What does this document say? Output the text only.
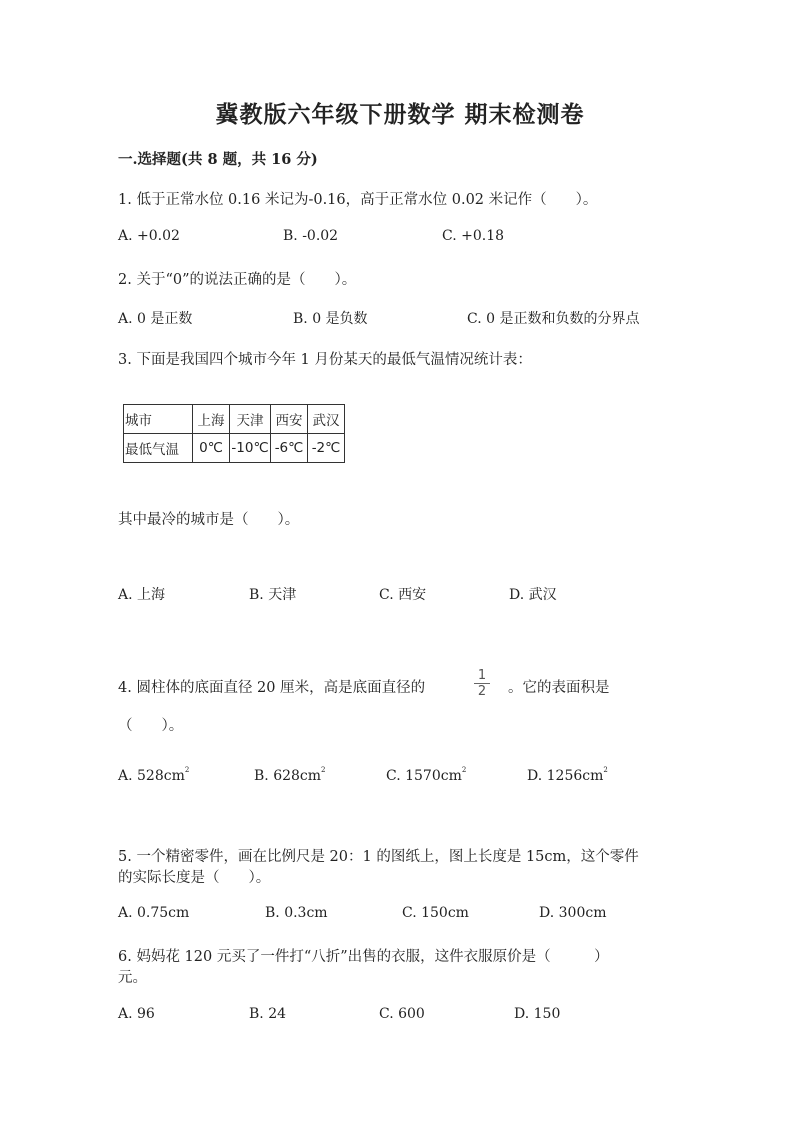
冀教版六年级下册数学 期末检测卷
一.选择题(共 8 题，共 16 分)
1. 低于正常水位 0.16 米记为-0.16，高于正常水位 0.02 米记作（　　）。
A. +0.02	B. -0.02	C. +0.18
2. 关于“0”的说法正确的是（　　）。
A. 0 是正数	B. 0 是负数	C. 0 是正数和负数的分界点
3. 下面是我国四个城市今年 1 月份某天的最低气温情况统计表：
城市	上海	天津	西安	武汉
最低气温	0℃	-10℃	-6℃	-2℃
其中最冷的城市是（　　）。
A. 上海	B. 天津	C. 西安	D. 武汉
4. 圆柱体的底面直径 20 厘米，高是底面直径的	$\frac{1}{2}$ 。它的表面积是
（　　）。
A. $528cm^2$	B. $628cm^2$	C. $1570cm^2$	D. $1256cm^2$
5. 一个精密零件，画在比例尺是 20：1 的图纸上，图上长度是 15cm，这个零件
的实际长度是（　　）。
A. 0.75cm	B. 0.3cm	C. 150cm	D. 300cm
6. 妈妈花 120 元买了一件打“八折”出售的衣服，这件衣服原价是（　　　）
元。
A. 96	B. 24	C. 600	D. 150
